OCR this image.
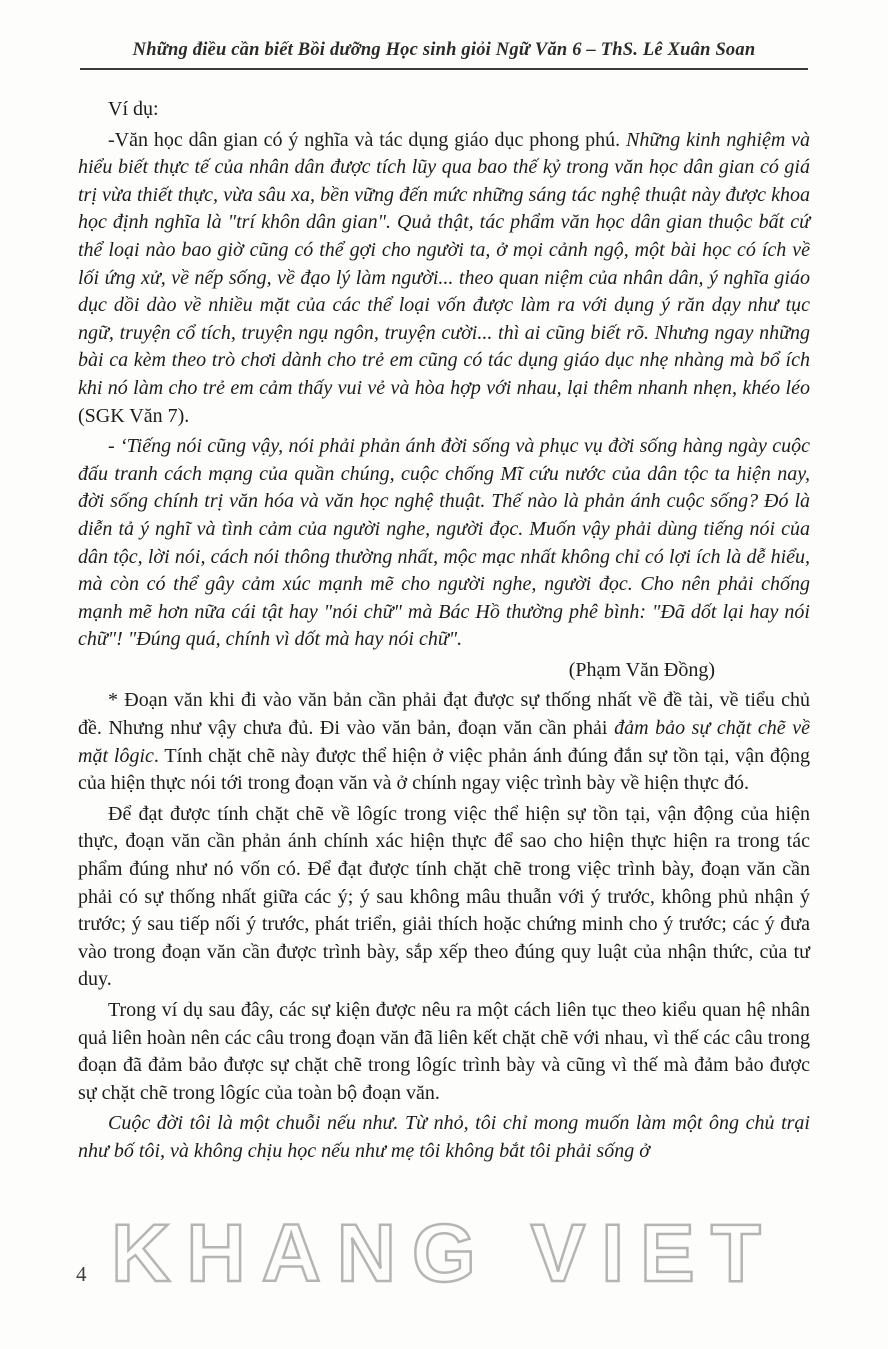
Những điều cần biết Bồi dưỡng Học sinh giỏi Ngữ Văn 6 – ThS. Lê Xuân Soan

Ví dụ:

-Văn học dân gian có ý nghĩa và tác dụng giáo dục phong phú. Những kinh nghiệm và hiểu biết thực tế của nhân dân được tích lũy qua bao thế kỷ trong văn học dân gian có giá trị vừa thiết thực, vừa sâu xa, bền vững đến mức những sáng tác nghệ thuật này được khoa học định nghĩa là "trí khôn dân gian". Quả thật, tác phẩm văn học dân gian thuộc bất cứ thể loại nào bao giờ cũng có thể gợi cho người ta, ở mọi cảnh ngộ, một bài học có ích về lối ứng xử, về nếp sống, về đạo lý làm người... theo quan niệm của nhân dân, ý nghĩa giáo dục dồi dào về nhiều mặt của các thể loại vốn được làm ra với dụng ý răn dạy như tục ngữ, truyện cổ tích, truyện ngụ ngôn, truyện cười... thì ai cũng biết rõ. Nhưng ngay những bài ca kèm theo trò chơi dành cho trẻ em cũng có tác dụng giáo dục nhẹ nhàng mà bổ ích khi nó làm cho trẻ em cảm thấy vui vẻ và hòa hợp với nhau, lại thêm nhanh nhẹn, khéo léo (SGK Văn 7).

- ‘Tiếng nói cũng vậy, nói phải phản ánh đời sống và phục vụ đời sống hàng ngày cuộc đấu tranh cách mạng của quần chúng, cuộc chống Mĩ cứu nước của dân tộc ta hiện nay, đời sống chính trị văn hóa và văn học nghệ thuật. Thế nào là phản ánh cuộc sống? Đó là diễn tả ý nghĩ và tình cảm của người nghe, người đọc. Muốn vậy phải dùng tiếng nói của dân tộc, lời nói, cách nói thông thường nhất, mộc mạc nhất không chỉ có lợi ích là dễ hiểu, mà còn có thể gây cảm xúc mạnh mẽ cho người nghe, người đọc. Cho nên phải chống mạnh mẽ hơn nữa cái tật hay "nói chữ" mà Bác Hồ thường phê bình: "Đã dốt lại hay nói chữ"! "Đúng quá, chính vì dốt mà hay nói chữ".

(Phạm Văn Đồng)

* Đoạn văn khi đi vào văn bản cần phải đạt được sự thống nhất về đề tài, về tiểu chủ đề. Nhưng như vậy chưa đủ. Đi vào văn bản, đoạn văn cần phải đảm bảo sự chặt chẽ về mặt lôgic. Tính chặt chẽ này được thể hiện ở việc phản ánh đúng đắn sự tồn tại, vận động của hiện thực nói tới trong đoạn văn và ở chính ngay việc trình bày về hiện thực đó.

Để đạt được tính chặt chẽ về lôgíc trong việc thể hiện sự tồn tại, vận động của hiện thực, đoạn văn cần phản ánh chính xác hiện thực để sao cho hiện thực hiện ra trong tác phẩm đúng như nó vốn có. Để đạt được tính chặt chẽ trong việc trình bày, đoạn văn cần phải có sự thống nhất giữa các ý; ý sau không mâu thuẫn với ý trước, không phủ nhận ý trước; ý sau tiếp nối ý trước, phát triển, giải thích hoặc chứng minh cho ý trước; các ý đưa vào trong đoạn văn cần được trình bày, sắp xếp theo đúng quy luật của nhận thức, của tư duy.

Trong ví dụ sau đây, các sự kiện được nêu ra một cách liên tục theo kiểu quan hệ nhân quả liên hoàn nên các câu trong đoạn văn đã liên kết chặt chẽ với nhau, vì thế các câu trong đoạn đã đảm bảo được sự chặt chẽ trong lôgíc trình bày và cũng vì thế mà đảm bảo được sự chặt chẽ trong lôgíc của toàn bộ đoạn văn.

Cuộc đời tôi là một chuỗi nếu như. Từ nhỏ, tôi chỉ mong muốn làm một ông chủ trại như bố tôi, và không chịu học nếu như mẹ tôi không bắt tôi phải sống ở

4 KHANG VIET
